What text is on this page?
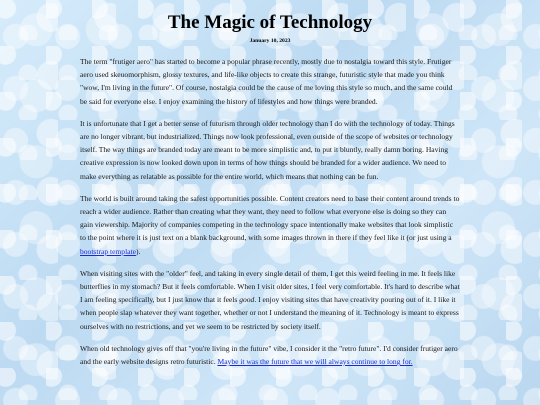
The Magic of Technology
January 10, 2023

The term "frutiger aero" has started to become a popular phrase recently, mostly due to nostalgia toward this style. Frutiger aero used skeuomorphism, glossy textures, and life-like objects to create this strange, futuristic style that made you think "wow, I'm living in the future". Of course, nostalgia could be the cause of me loving this style so much, and the same could be said for everyone else. I enjoy examining the history of lifestyles and how things were branded.

It is unfortunate that I get a better sense of futurism through older technology than I do with the technology of today. Things are no longer vibrant, but industrialized. Things now look professional, even outside of the scope of websites or technology itself. The way things are branded today are meant to be more simplistic and, to put it bluntly, really damn boring. Having creative expression is now looked down upon in terms of how things should be branded for a wider audience. We need to make everything as relatable as possible for the entire world, which means that nothing can be fun.

The world is built around taking the safest opportunities possible. Content creators need to base their content around trends to reach a wider audience. Rather than creating what they want, they need to follow what everyone else is doing so they can gain viewership. Majority of companies competing in the technology space intentionally make websites that look simplistic to the point where it is just text on a blank background, with some images thrown in there if they feel like it (or just using a bootstrap template).

When visiting sites with the "older" feel, and taking in every single detail of them, I get this weird feeling in me. It feels like butterflies in my stomach? But it feels comfortable. When I visit older sites, I feel very comfortable. It's hard to describe what I am feeling specifically, but I just know that it feels good. I enjoy visiting sites that have creativity pouring out of it. I like it when people slap whatever they want together, whether or not I understand the meaning of it. Technology is meant to express ourselves with no restrictions, and yet we seem to be restricted by society itself.

When old technology gives off that "you're living in the future" vibe, I consider it the "retro future". I'd consider frutiger aero and the early website designs retro futuristic. Maybe it was the future that we will always continue to long for.
